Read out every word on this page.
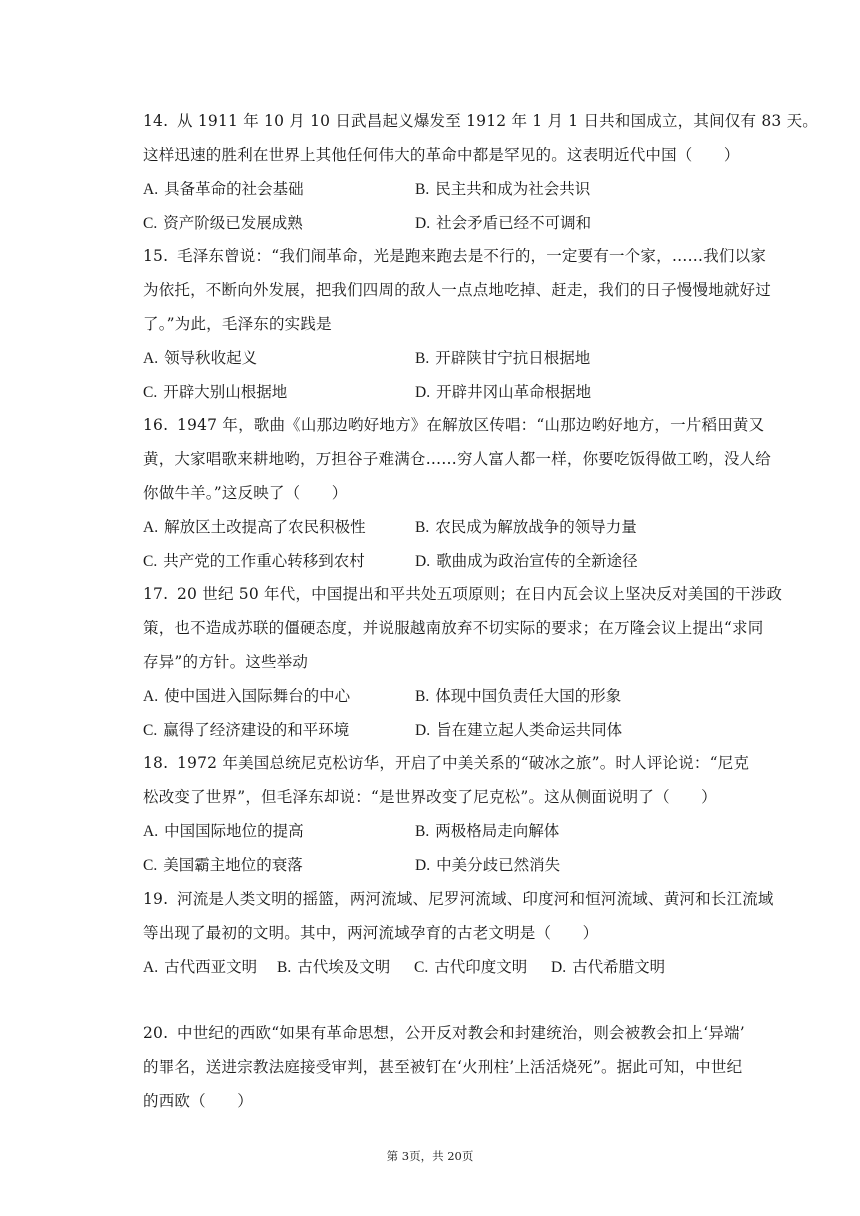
14. 从 1911 年 10 月 10 日武昌起义爆发至 1912 年 1 月 1 日共和国成立，其间仅有 83 天。
这样迅速的胜利在世界上其他任何伟大的革命中都是罕见的。这表明近代中国（　　）
A. 具备革命的社会基础	B. 民主共和成为社会共识
C. 资产阶级已发展成熟	D. 社会矛盾已经不可调和
15. 毛泽东曾说：“我们闹革命，光是跑来跑去是不行的，一定要有一个家，……我们以家
为依托，不断向外发展，把我们四周的敌人一点点地吃掉、赶走，我们的日子慢慢地就好过
了。”为此，毛泽东的实践是
A. 领导秋收起义	B. 开辟陕甘宁抗日根据地
C. 开辟大别山根据地	D. 开辟井冈山革命根据地
16. 1947 年，歌曲《山那边哟好地方》在解放区传唱：“山那边哟好地方，一片稻田黄又
黄，大家唱歌来耕地哟，万担谷子难满仓……穷人富人都一样，你要吃饭得做工哟，没人给
你做牛羊。”这反映了（　　）
A. 解放区土改提高了农民积极性	B. 农民成为解放战争的领导力量
C. 共产党的工作重心转移到农村	D. 歌曲成为政治宣传的全新途径
17. 20 世纪 50 年代，中国提出和平共处五项原则；在日内瓦会议上坚决反对美国的干涉政
策，也不造成苏联的僵硬态度，并说服越南放弃不切实际的要求；在万隆会议上提出“求同
存异”的方针。这些举动
A. 使中国进入国际舞台的中心	B. 体现中国负责任大国的形象
C. 赢得了经济建设的和平环境	D. 旨在建立起人类命运共同体
18. 1972 年美国总统尼克松访华，开启了中美关系的“破冰之旅”。时人评论说：“尼克
松改变了世界”，但毛泽东却说：“是世界改变了尼克松”。这从侧面说明了（　　）
A. 中国国际地位的提高	B. 两极格局走向解体
C. 美国霸主地位的衰落	D. 中美分歧已然消失
19. 河流是人类文明的摇篮，两河流域、尼罗河流域、印度河和恒河流域、黄河和长江流域
等出现了最初的文明。其中，两河流域孕育的古老文明是（　　）
A. 古代西亚文明 B. 古代埃及文明 C. 古代印度文明 D. 古代希腊文明
20. 中世纪的西欧“如果有革命思想，公开反对教会和封建统治，则会被教会扣上‘异端’
的罪名，送进宗教法庭接受审判，甚至被钉在‘火刑柱’上活活烧死”。据此可知，中世纪
的西欧（　　）
第 3页，共 20页
